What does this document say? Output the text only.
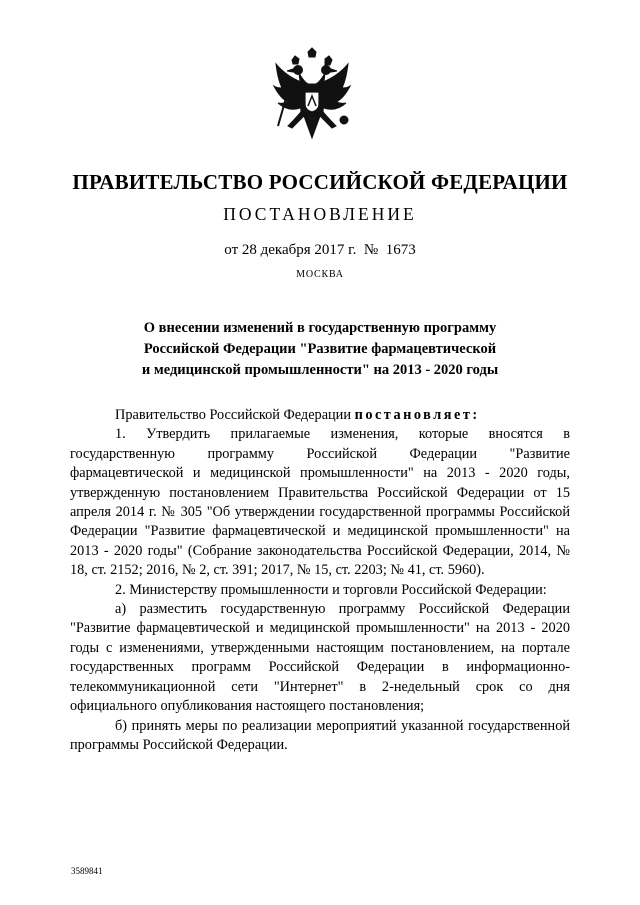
ПРАВИТЕЛЬСТВО РОССИЙСКОЙ ФЕДЕРАЦИИ
ПОСТАНОВЛЕНИЕ
от 28 декабря 2017 г.  №  1673
МОСКВА
О внесении изменений в государственную программу
Российской Федерации "Развитие фармацевтической
и медицинской промышленности" на 2013 - 2020 годы

Правительство Российской Федерации постановляет:

1. Утвердить прилагаемые изменения, которые вносятся в государственную программу Российской Федерации "Развитие фармацевтической и медицинской промышленности" на 2013 - 2020 годы, утвержденную постановлением Правительства Российской Федерации от 15 апреля 2014 г. № 305 "Об утверждении государственной программы Российской Федерации "Развитие фармацевтической и медицинской промышленности" на 2013 - 2020 годы" (Собрание законодательства Российской Федерации, 2014, № 18, ст. 2152; 2016, № 2, ст. 391; 2017, № 15, ст. 2203; № 41, ст. 5960).

2. Министерству промышленности и торговли Российской Федерации:

а) разместить государственную программу Российской Федерации "Развитие фармацевтической и медицинской промышленности" на 2013 - 2020 годы с изменениями, утвержденными настоящим постановлением, на портале государственных программ Российской Федерации в информационно-телекоммуникационной сети "Интернет" в 2-недельный срок со дня официального опубликования настоящего постановления;

б) принять меры по реализации мероприятий указанной государственной программы Российской Федерации.

3589841
